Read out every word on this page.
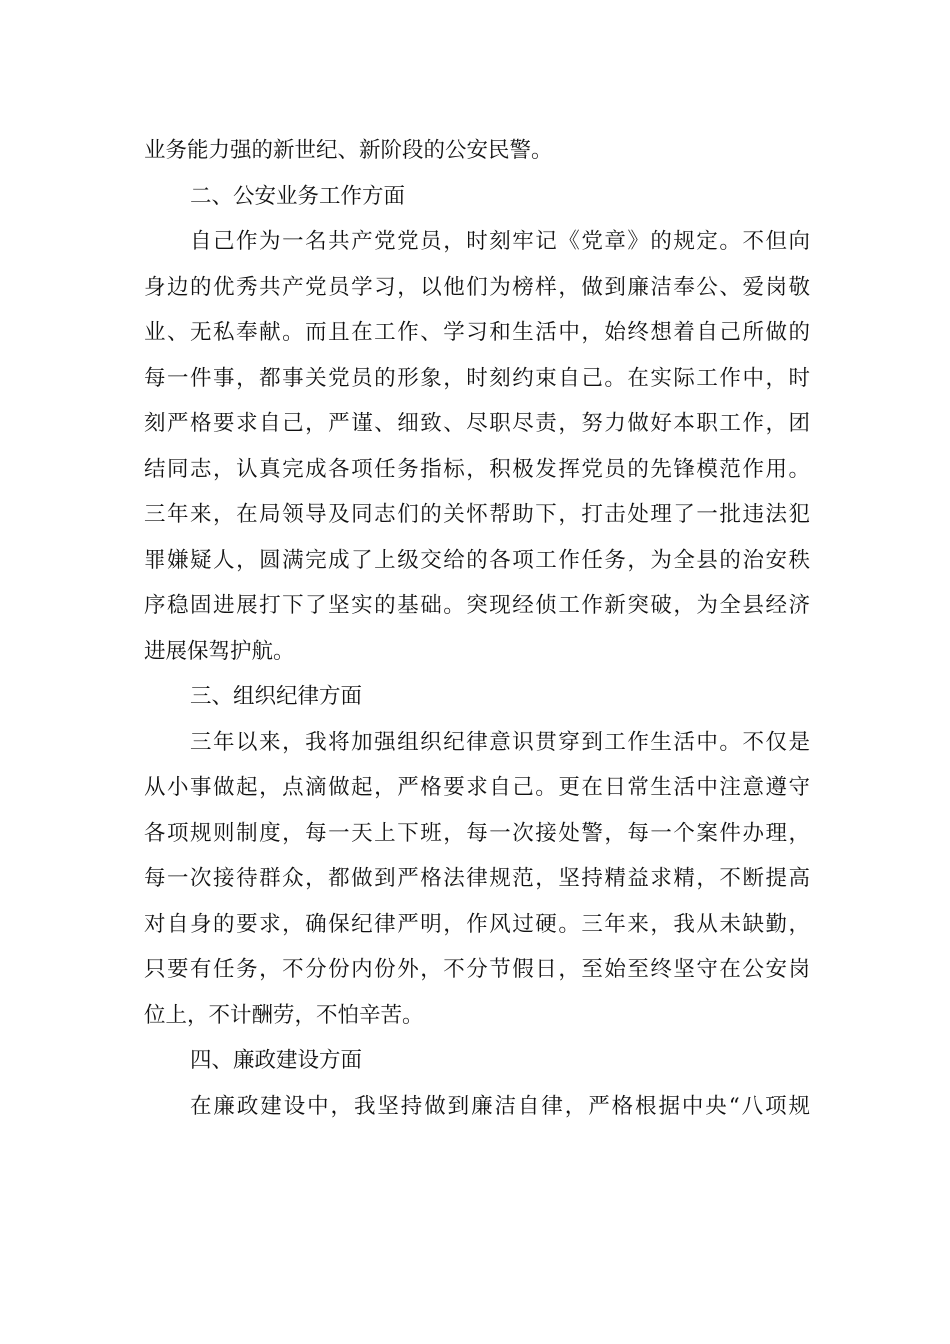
业务能力强的新世纪、新阶段的公安民警。
二、公安业务工作方面
自己作为一名共产党党员，时刻牢记《党章》的规定。不但向
身边的优秀共产党员学习，以他们为榜样，做到廉洁奉公、爱岗敬
业、无私奉献。而且在工作、学习和生活中，始终想着自己所做的
每一件事，都事关党员的形象，时刻约束自己。在实际工作中，时
刻严格要求自己，严谨、细致、尽职尽责，努力做好本职工作，团
结同志，认真完成各项任务指标，积极发挥党员的先锋模范作用。
三年来，在局领导及同志们的关怀帮助下，打击处理了一批违法犯
罪嫌疑人，圆满完成了上级交给的各项工作任务，为全县的治安秩
序稳固进展打下了坚实的基础。突现经侦工作新突破，为全县经济
进展保驾护航。
三、组织纪律方面
三年以来，我将加强组织纪律意识贯穿到工作生活中。不仅是
从小事做起，点滴做起，严格要求自己。更在日常生活中注意遵守
各项规则制度，每一天上下班，每一次接处警，每一个案件办理，
每一次接待群众，都做到严格法律规范，坚持精益求精，不断提高
对自身的要求，确保纪律严明，作风过硬。三年来，我从未缺勤，
只要有任务，不分份内份外，不分节假日，至始至终坚守在公安岗
位上，不计酬劳，不怕辛苦。
四、廉政建设方面
在廉政建设中，我坚持做到廉洁自律，严格根据中央“八项规
